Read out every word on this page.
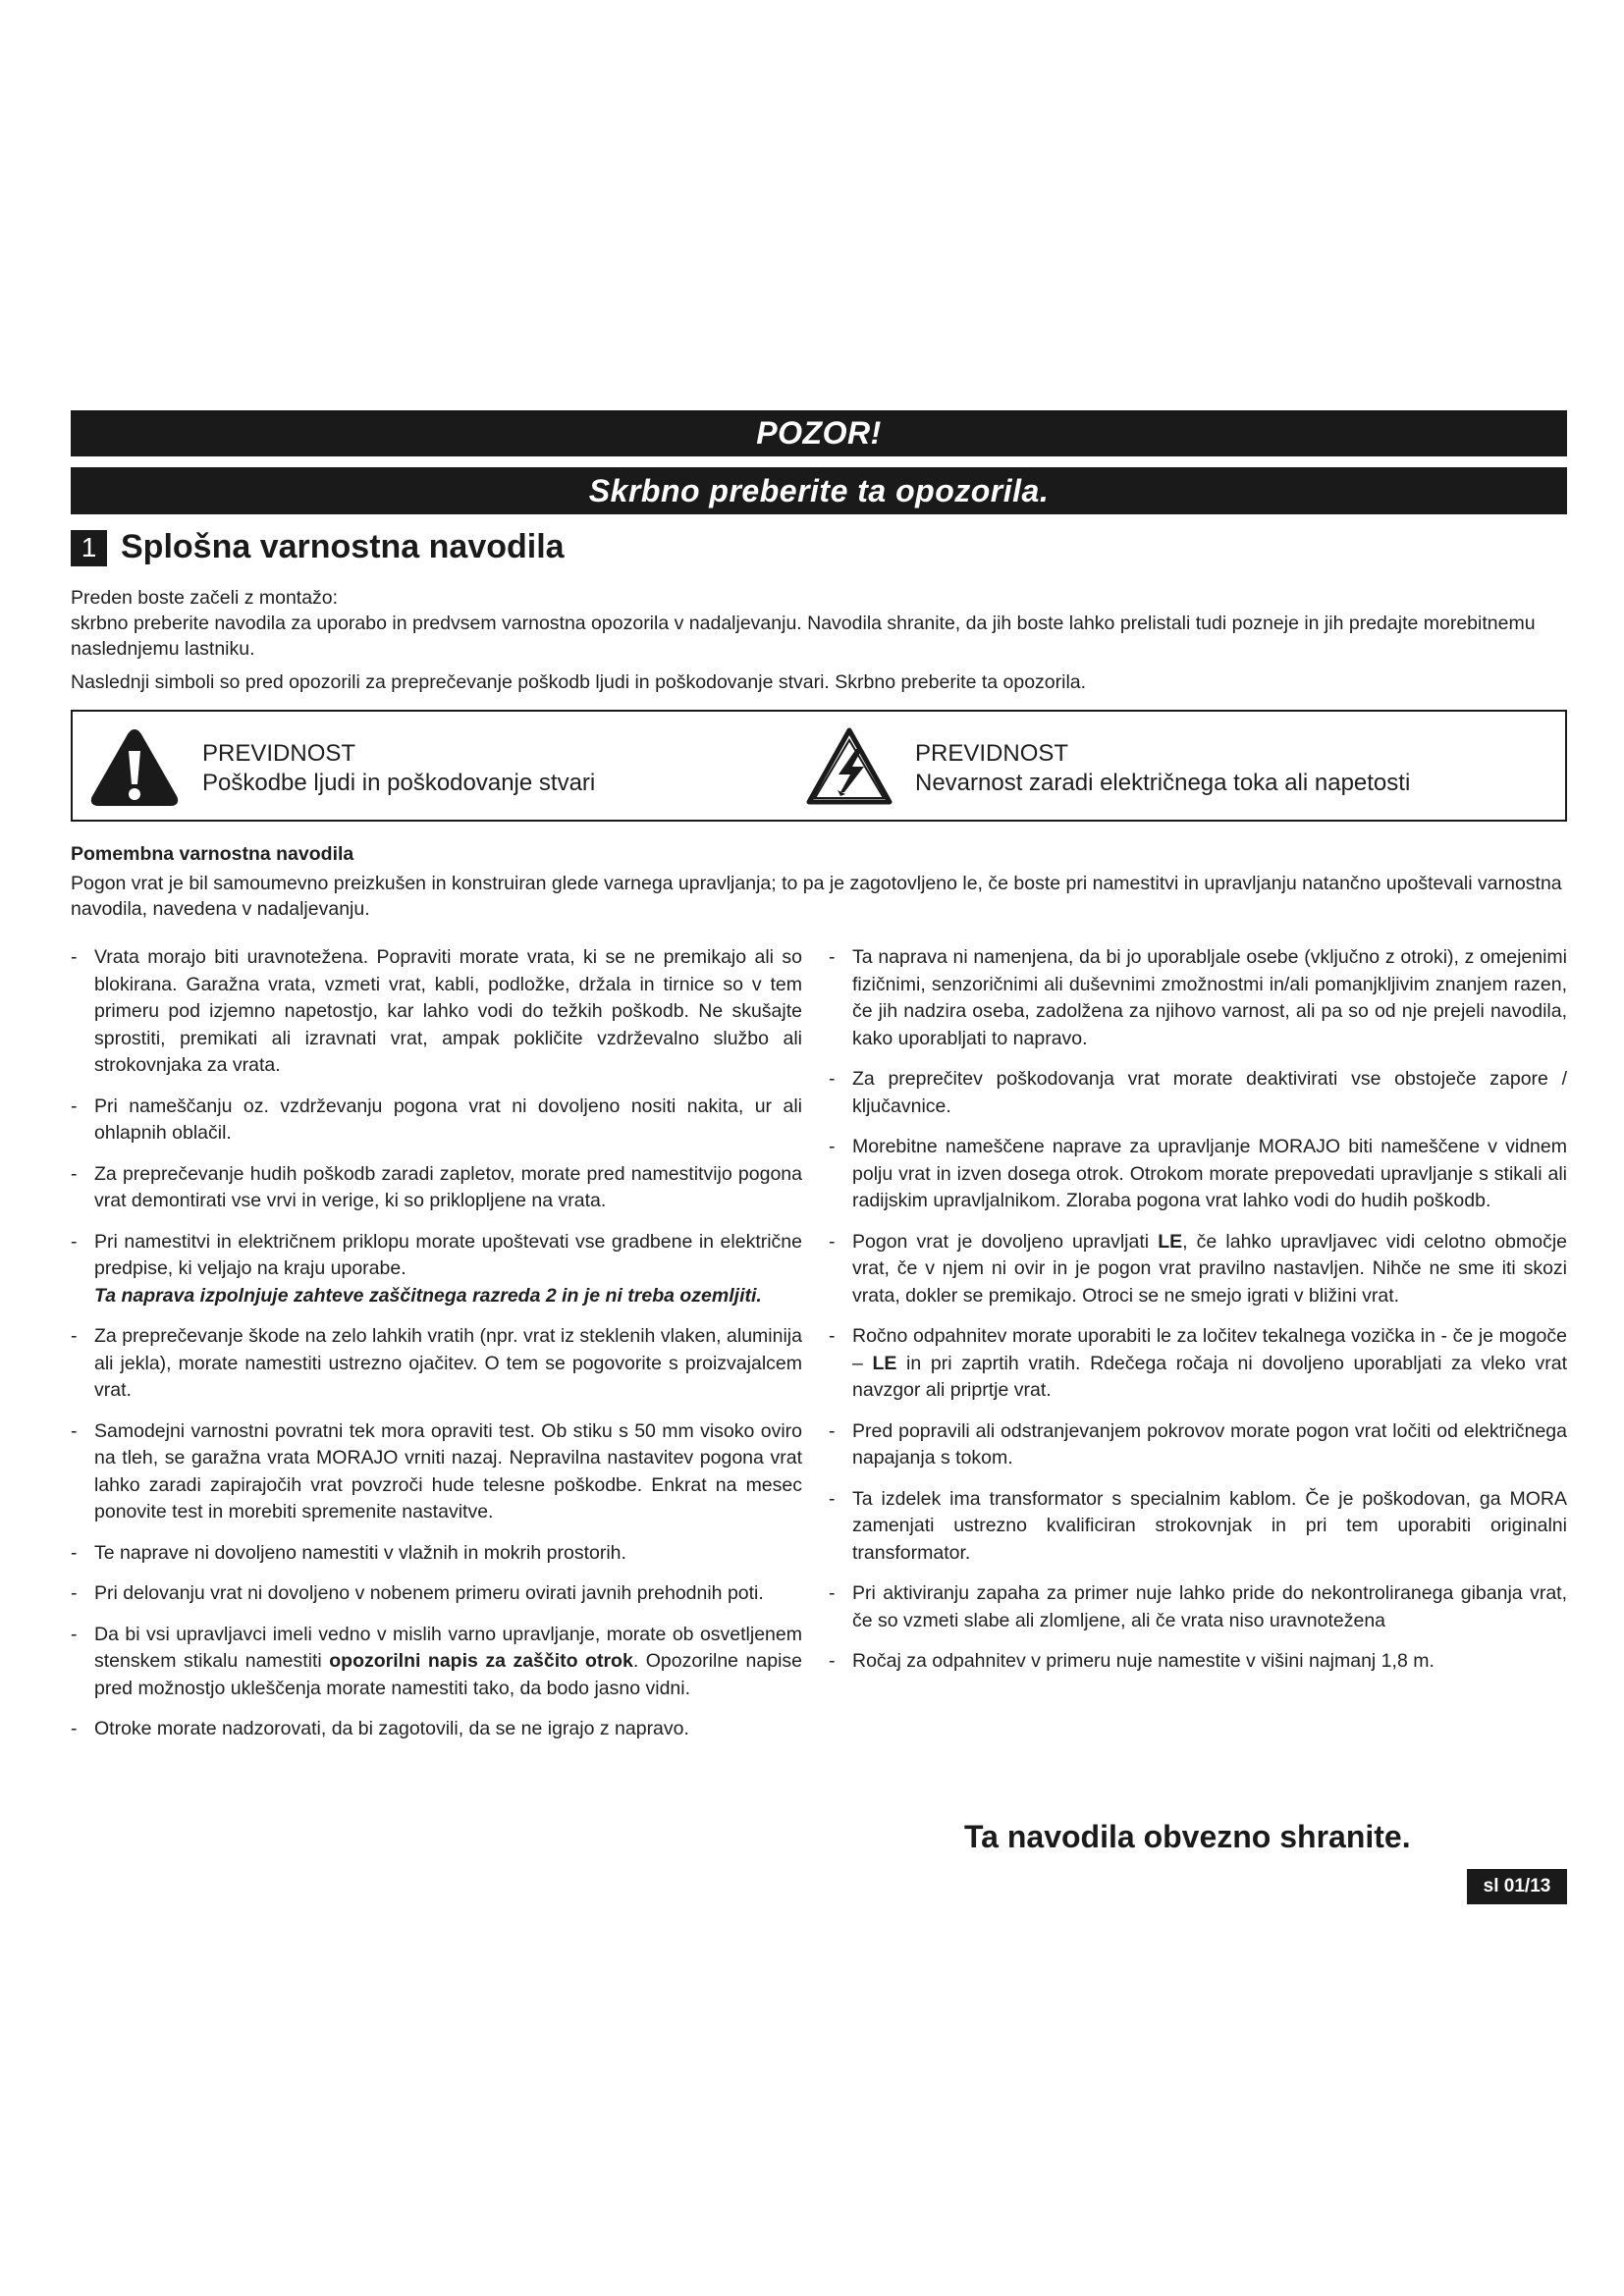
POZOR!
Skrbno preberite ta opozorila.
1 Splošna varnostna navodila

Preden boste začeli z montažo:

skrbno preberite navodila za uporabo in predvsem varnostna opozorila v nadaljevanju. Navodila shranite, da jih boste lahko prelistali tudi pozneje in jih predajte morebitnemu naslednjemu lastniku.

Naslednji simboli so pred opozorili za preprečevanje poškodb ljudi in poškodovanje stvari. Skrbno preberite ta opozorila.

PREVIDNOST
Poškodbe ljudi in poškodovanje stvari
PREVIDNOST
Nevarnost zaradi električnega toka ali napetosti
Pomembna varnostna navodila

Pogon vrat je bil samoumevno preizkušen in konstruiran glede varnega upravljanja; to pa je zagotovljeno le, če boste pri namestitvi in upravljanju natančno upoštevali varnostna navodila, navedena v nadaljevanju.

- Vrata morajo biti uravnotežena. Popraviti morate vrata, ki se ne premikajo ali so blokirana. Garažna vrata, vzmeti vrat, kabli, podložke, držala in tirnice so v tem primeru pod izjemno napetostjo, kar lahko vodi do težkih poškodb. Ne skušajte sprostiti, premikati ali izravnati vrat, ampak pokličite vzdrževalno službo ali strokovnjaka za vrata.
- Pri nameščanju oz. vzdrževanju pogona vrat ni dovoljeno nositi nakita, ur ali ohlapnih oblačil.
- Za preprečevanje hudih poškodb zaradi zapletov, morate pred namestitvijo pogona vrat demontirati vse vrvi in verige, ki so priklopljene na vrata.
- Pri namestitvi in električnem priklopu morate upoštevati vse gradbene in električne predpise, ki veljajo na kraju uporabe.
Ta naprava izpolnjuje zahteve zaščitnega razreda 2 in je ni treba ozemljiti.
- Za preprečevanje škode na zelo lahkih vratih (npr. vrat iz steklenih vlaken, aluminija ali jekla), morate namestiti ustrezno ojačitev. O tem se pogovorite s proizvajalcem vrat.
- Samodejni varnostni povratni tek mora opraviti test. Ob stiku s 50 mm visoko oviro na tleh, se garažna vrata MORAJO vrniti nazaj. Nepravilna nastavitev pogona vrat lahko zaradi zapirajočih vrat povzroči hude telesne poškodbe. Enkrat na mesec ponovite test in morebiti spremenite nastavitve.
- Te naprave ni dovoljeno namestiti v vlažnih in mokrih prostorih.
- Pri delovanju vrat ni dovoljeno v nobenem primeru ovirati javnih prehodnih poti.
- Da bi vsi upravljavci imeli vedno v mislih varno upravljanje, morate ob osvetljenem stenskem stikalu namestiti opozorilni napis za zaščito otrok. Opozorilne napise pred možnostjo uklеščenja morate namestiti tako, da bodo jasno vidni.
- Otroke morate nadzorovati, da bi zagotovili, da se ne igrajo z napravo.
- Ta naprava ni namenjena, da bi jo uporabljale osebe (vključno z otroki), z omejenimi fizičnimi, senzoričnimi ali duševnimi zmožnostmi in/ali pomanjkljivim znanjem razen, če jih nadzira oseba, zadolžena za njihovo varnost, ali pa so od nje prejeli navodila, kako uporabljati to napravo.
- Za preprečitev poškodovanja vrat morate deaktivirati vse obstoječe zapore / ključavnice.
- Morebitne nameščene naprave za upravljanje MORAJO biti nameščene v vidnem polju vrat in izven dosega otrok. Otrokom morate prepovedati upravljanje s stikali ali radijskim upravljalnikom. Zloraba pogona vrat lahko vodi do hudih poškodb.
- Pogon vrat je dovoljeno upravljati LE, če lahko upravljavec vidi celotno območje vrat, če v njem ni ovir in je pogon vrat pravilno nastavljen. Nihče ne sme iti skozi vrata, dokler se premikajo. Otroci se ne smejo igrati v bližini vrat.
- Ročno odpahnitev morate uporabiti le za ločitev tekalnega vozička in - če je mogoče – LE in pri zaprtih vratih. Rdečega ročaja ni dovoljeno uporabljati za vleko vrat navzgor ali priprtje vrat.
- Pred popravili ali odstranjevanjem pokrovov morate pogon vrat ločiti od električnega napajanja s tokom.
- Ta izdelek ima transformator s specialnim kablom. Če je poškodovan, ga MORA zamenjati ustrezno kvalificiran strokovnjak in pri tem uporabiti originalni transformator.
- Pri aktiviranju zapaha za primer nuje lahko pride do nekontroliranega gibanja vrat, če so vzmeti slabe ali zlomljene, ali če vrata niso uravnotežena
- Ročaj za odpahnitev v primeru nuje namestite v višini najmanj 1,8 m.
Ta navodila obvezno shranite.
sl 01/13
